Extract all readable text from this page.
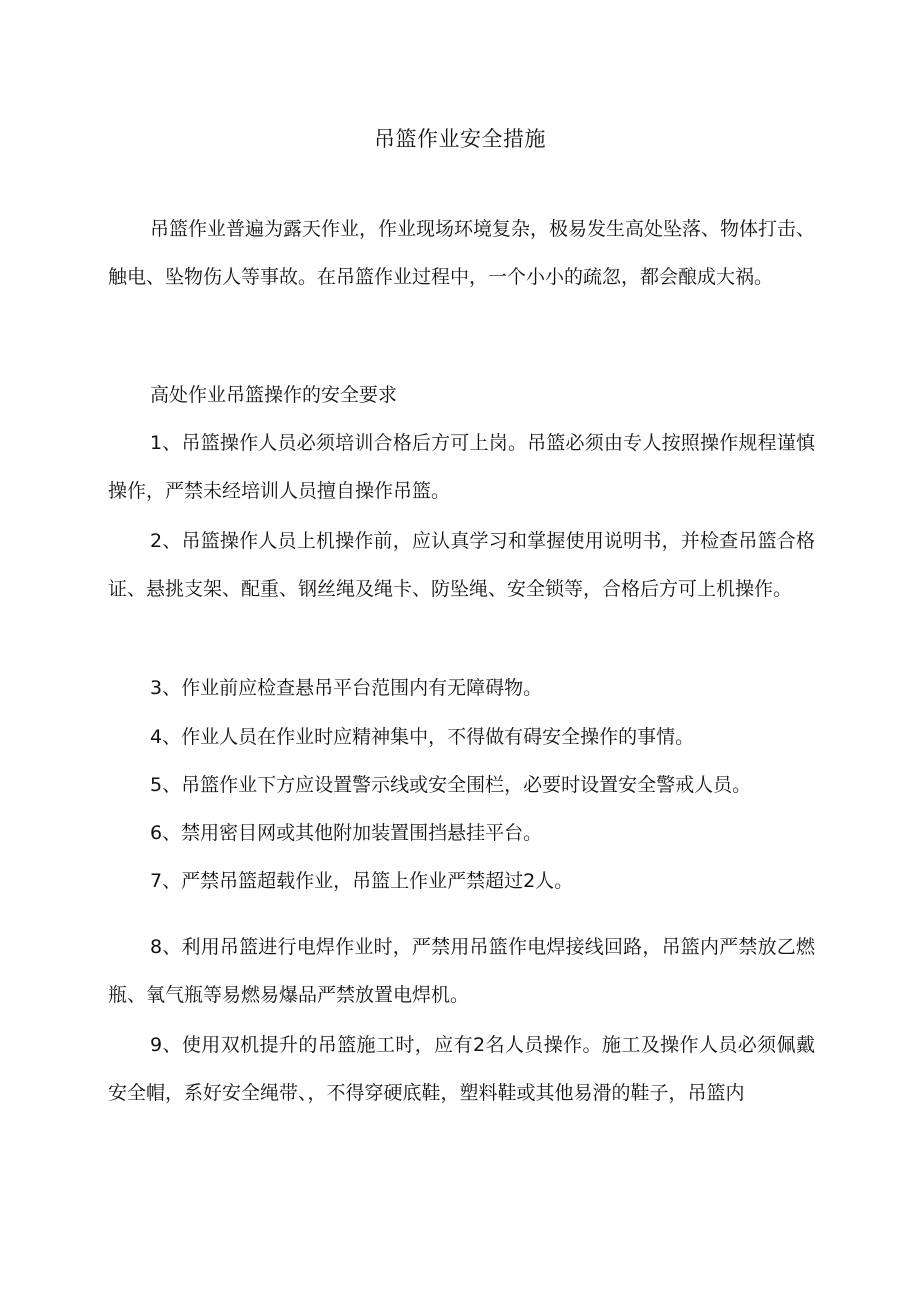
吊篮作业安全措施

吊篮作业普遍为露天作业，作业现场环境复杂，极易发生高处坠落、物体打击、触电、坠物伤人等事故。在吊篮作业过程中，一个小小的疏忽，都会酿成大祸。

高处作业吊篮操作的安全要求

1、吊篮操作人员必须培训合格后方可上岗。吊篮必须由专人按照操作规程谨慎操作，严禁未经培训人员擅自操作吊篮。

2、吊篮操作人员上机操作前，应认真学习和掌握使用说明书，并检查吊篮合格证、悬挑支架、配重、钢丝绳及绳卡、防坠绳、安全锁等，合格后方可上机操作。

3、作业前应检查悬吊平台范围内有无障碍物。

4、作业人员在作业时应精神集中，不得做有碍安全操作的事情。

5、吊篮作业下方应设置警示线或安全围栏，必要时设置安全警戒人员。

6、禁用密目网或其他附加装置围挡悬挂平台。

7、严禁吊篮超载作业，吊篮上作业严禁超过2人。

8、利用吊篮进行电焊作业时，严禁用吊篮作电焊接线回路，吊篮内严禁放乙燃瓶、氧气瓶等易燃易爆品严禁放置电焊机。

9、使用双机提升的吊篮施工时，应有2名人员操作。施工及操作人员必须佩戴安全帽，系好安全绳带、，不得穿硬底鞋，塑料鞋或其他易滑的鞋子，吊篮内
